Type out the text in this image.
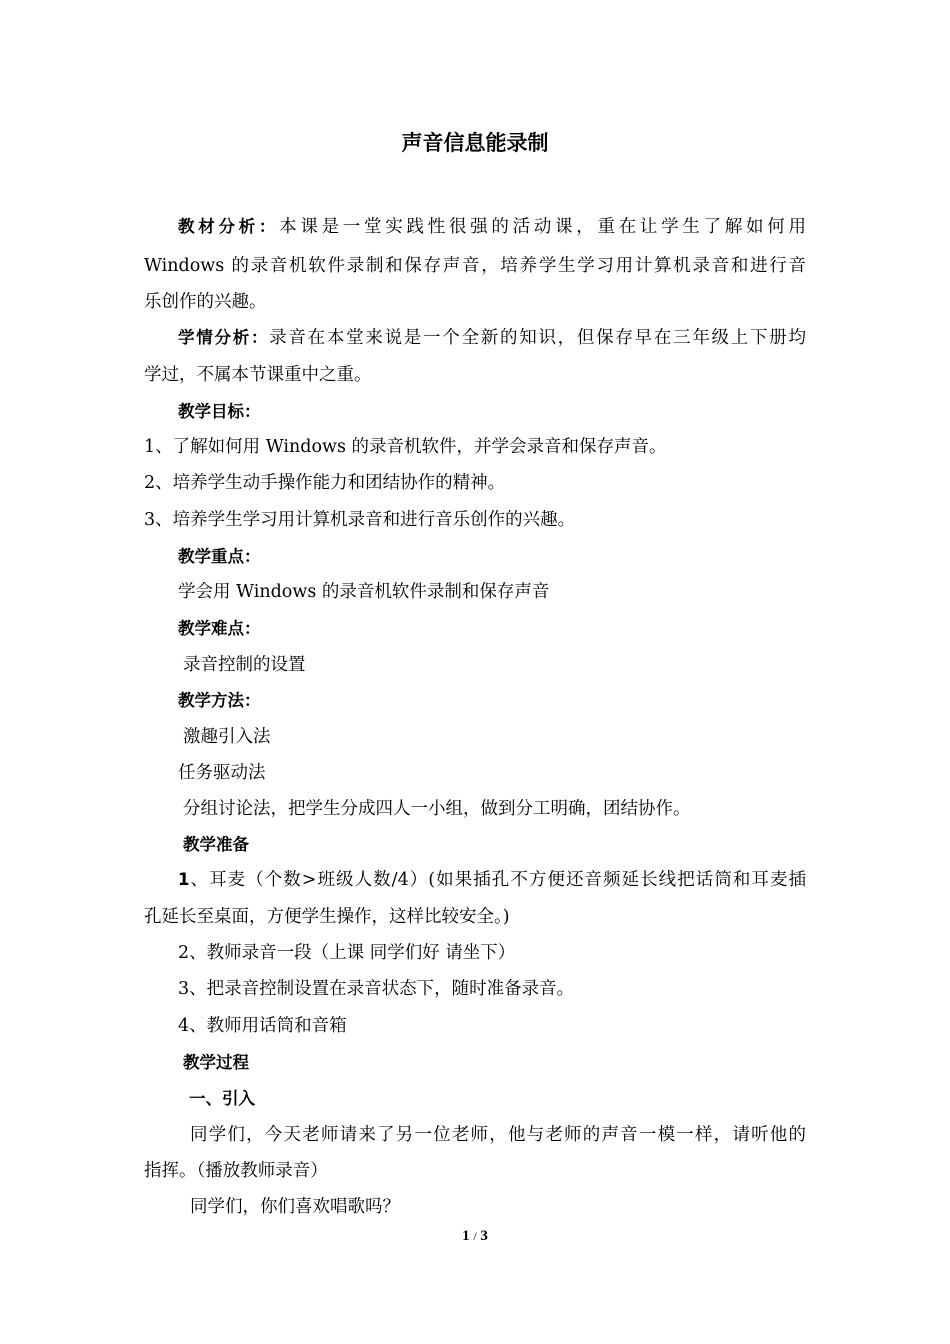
声音信息能录制
教材分析：本课是一堂实践性很强的活动课，重在让学生了解如何用
Windows 的录音机软件录制和保存声音，培养学生学习用计算机录音和进行音
乐创作的兴趣。
学情分析：录音在本堂来说是一个全新的知识，但保存早在三年级上下册均
学过，不属本节课重中之重。
教学目标：
1、了解如何用 Windows 的录音机软件，并学会录音和保存声音。
2、培养学生动手操作能力和团结协作的精神。
3、培养学生学习用计算机录音和进行音乐创作的兴趣。
教学重点：
学会用 Windows 的录音机软件录制和保存声音
教学难点：
录音控制的设置
教学方法：
激趣引入法
任务驱动法
分组讨论法，把学生分成四人一小组，做到分工明确，团结协作。
教学准备
1、耳麦（个数>班级人数/4）(如果插孔不方便还音频延长线把话筒和耳麦插
孔延长至桌面，方便学生操作，这样比较安全。)
2、教师录音一段（上课 同学们好 请坐下）
3、把录音控制设置在录音状态下，随时准备录音。
4、教师用话筒和音箱
教学过程
一、引入
同学们，今天老师请来了另一位老师，他与老师的声音一模一样，请听他的
指挥。（播放教师录音）
同学们，你们喜欢唱歌吗？
1 / 3
